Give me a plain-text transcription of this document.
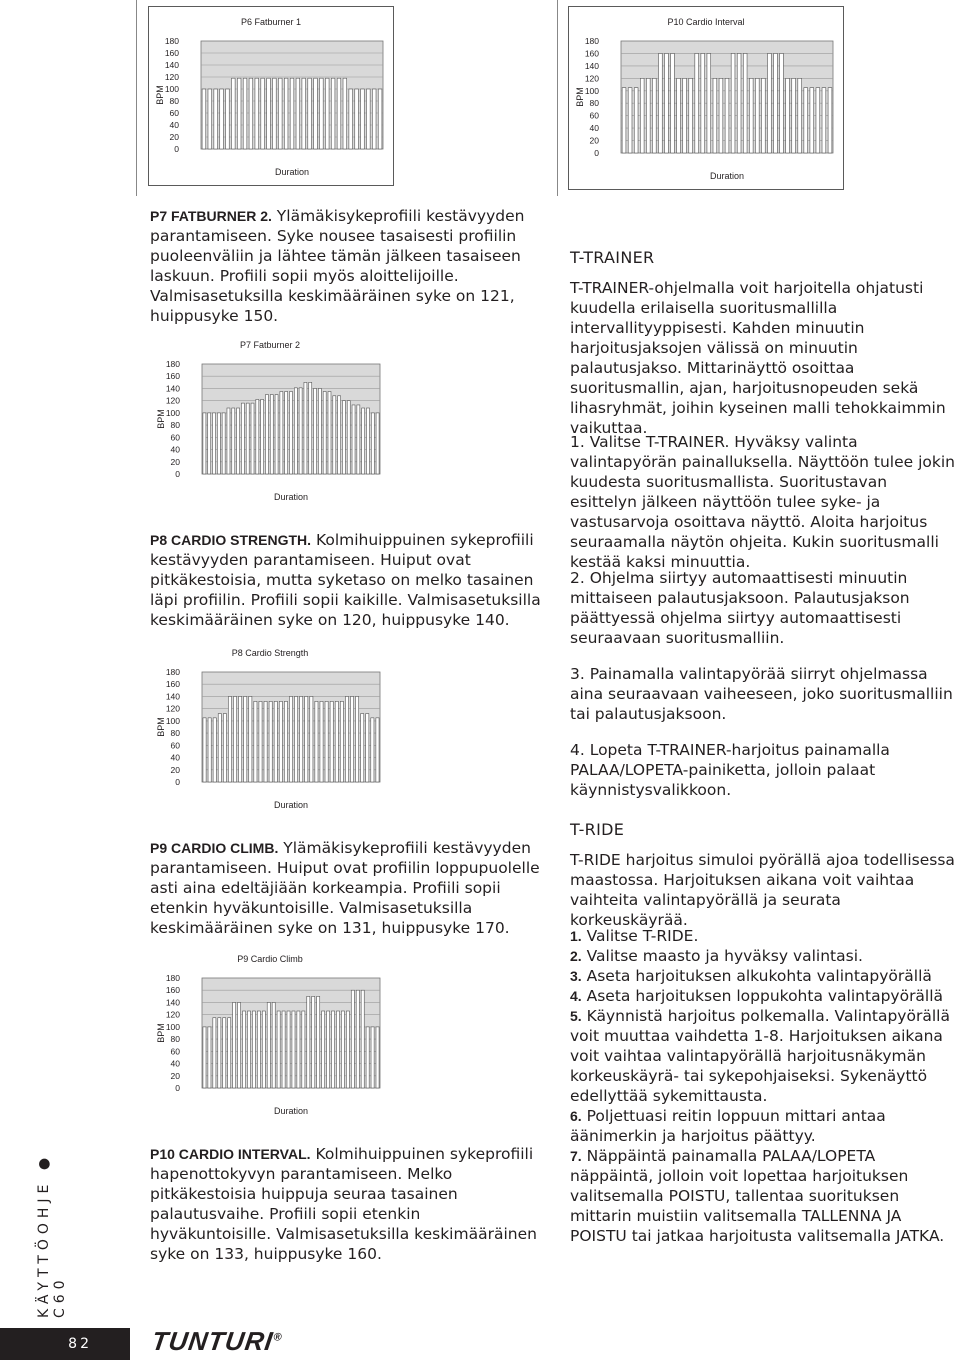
P6 Fatburner 1
BPM
180
160
140
120
100
80
60
40
20
0
Duration
P10 Cardio Interval
BPM
180
160
140
120
100
80
60
40
20
0
Duration
P7 Fatburner 2
BPM
180
160
140
120
100
80
60
40
20
0
Duration
P8 Cardio Strength
BPM
180
160
140
120
100
80
60
40
20
0
Duration
P9 Cardio Climb
BPM
180
160
140
120
100
80
60
40
20
0
Duration

P7 FATBURNER 2. Ylämäkisykeprofiili kestävyyden parantamiseen. Syke nousee tasaisesti profiilin puoleenväliin ja lähtee tämän jälkeen tasaiseen laskuun. Profiili sopii myös aloittelijoille. Valmisasetuksilla keskimääräinen syke on 121, huippusyke 150.

P8 CARDIO STRENGTH. Kolmihuippuinen sykeprofiili kestävyyden parantamiseen. Huiput ovat pitkäkestoisia, mutta syketaso on melko tasainen läpi profiilin. Profiili sopii kaikille. Valmisasetuksilla keskimääräinen syke on 120, huippusyke 140.

P9 CARDIO CLIMB. Ylämäkisykeprofiili kestävyyden parantamiseen. Huiput ovat profiilin loppupuolelle asti aina edeltäjiään korkeampia. Profiili sopii etenkin hyväkuntoisille. Valmisasetuksilla keskimääräinen syke on 131, huippusyke 170.

P10 CARDIO INTERVAL. Kolmihuippuinen sykeprofiili hapenottokyvyn parantamiseen. Melko pitkäkestoisia huippuja seuraa tasainen palautusvaihe. Profiili sopii etenkin hyväkuntoisille. Valmisasetuksilla keskimääräinen syke on 133, huippusyke 160.

T-TRAINER
T-TRAINER-ohjelmalla voit harjoitella ohjatusti kuudella erilaisella suoritusmallilla intervallityyppisesti. Kahden minuutin harjoitusjaksojen välissä on minuutin palautusjakso. Mittarinäyttö osoittaa suoritusmallin, ajan, harjoitusnopeuden sekä lihasryhmät, joihin kyseinen malli tehokkaimmin vaikuttaa.
1. Valitse T-TRAINER. Hyväksy valinta valintapyörän painalluksella. Näyttöön tulee jokin kuudesta suoritusmallista. Suoritustavan esittelyn jälkeen näyttöön tulee syke- ja vastusarvoja osoittava näyttö. Aloita harjoitus seuraamalla näytön ohjeita. Kukin suoritusmalli kestää kaksi minuuttia.
2. Ohjelma siirtyy automaattisesti minuutin mittaiseen palautusjaksoon. Palautusjakson päättyessä ohjelma siirtyy automaattisesti seuraavaan suoritusmalliin.
3. Painamalla valintapyörää siirryt ohjelmassa aina seuraavaan vaiheeseen, joko suoritusmalliin tai palautusjaksoon.
4. Lopeta T-TRAINER-harjoitus painamalla PALAA/LOPETA-painiketta, jolloin palaat käynnistysvalikkoon.
T-RIDE
T-RIDE harjoitus simuloi pyörällä ajoa todellisessa maastossa. Harjoituksen aikana voit vaihtaa vaihteita valintapyörällä ja seurata korkeuskäyrää.

1. Valitse T-RIDE.

2. Valitse maasto ja hyväksy valintasi.

3. Aseta harjoituksen alkukohta valintapyörällä

4. Aseta harjoituksen loppukohta valintapyörällä

5. Käynnistä harjoitus polkemalla. Valintapyörällä voit muuttaa vaihdetta 1-8. Harjoituksen aikana voit vaihtaa valintapyörällä harjoitusnäkymän korkeuskäyrä- tai sykepohjaiseksi. Sykenäyttö edellyttää sykemittausta.

6. Poljettuasi reitin loppuun mittari antaa äänimerkin ja harjoitus päättyy.

7. Näppäintä painamalla PALAA/LOPETA näppäintä, jolloin voit lopettaa harjoituksen valitsemalla POISTU, tallentaa suorituksen mittarin muistiin valitsemalla TALLENNA JA POISTU tai jatkaa harjoitusta valitsemalla JATKA.

KÄYTTÖOHJE ● C60
82 TUNTURI®
